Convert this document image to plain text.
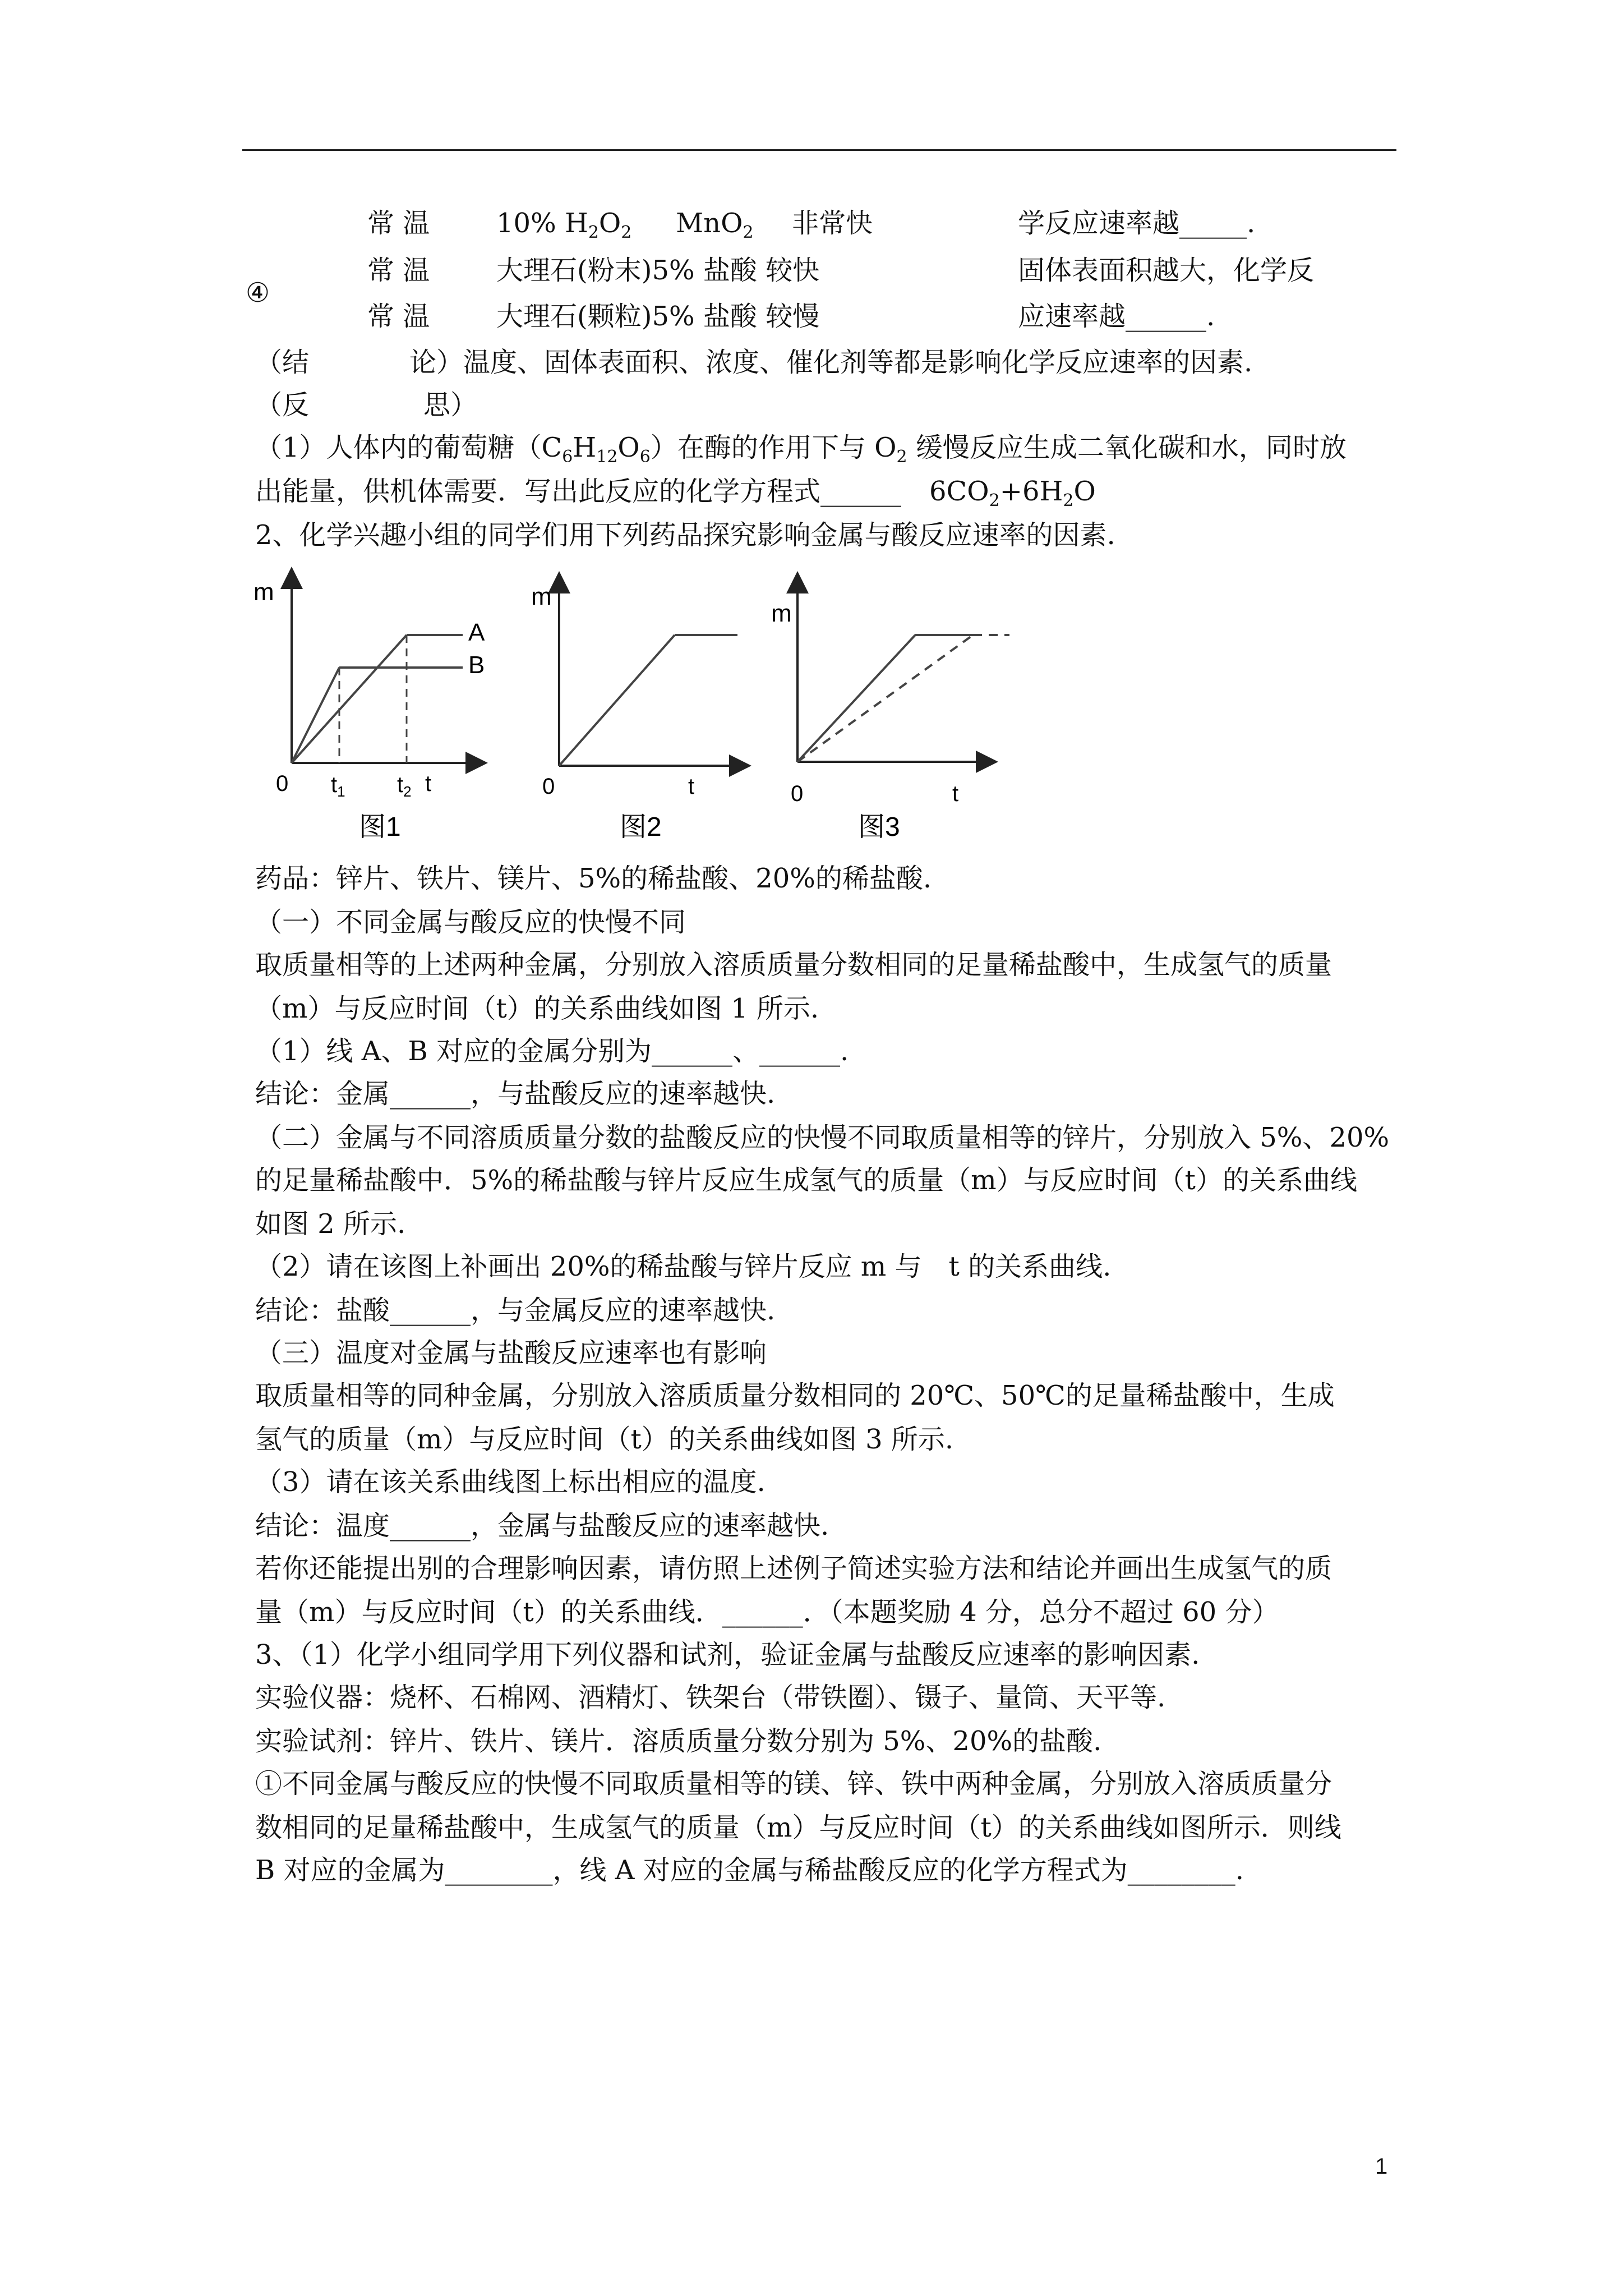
常 温 10% $H_2O_2$ MnO$_2$ 非常快	学反应速率越_____.
④
常 温 大理石(粉末)5% 盐酸 较快	固体表面积越大，化学反
常 温 大理石(颗粒)5% 盐酸 较慢	应速率越______.
（结	论）温度、固体表面积、浓度、催化剂等都是影响化学反应速率的因素.
（反	思）
（1）人体内的葡萄糖$(C_6H_{12}O_6)$在酶的作用下与 $O_2$ 缓慢反应生成二氧化碳和水，同时放
出能量，供机体需要．写出此反应的化学方程式______ $6CO_2+6H_2O$
2、化学兴趣小组的同学们用下列药品探究影响金属与酸反应速率的因素.
m
0
A
B
$t_1$ $t_2$ t
图1
m
0	t
图2
m
0	t
图3
药品：锌片、铁片、镁片、5%的稀盐酸、20%的稀盐酸.
（一）不同金属与酸反应的快慢不同
取质量相等的上述两种金属，分别放入溶质质量分数相同的足量稀盐酸中，生成氢气的质量
（m）与反应时间（t）的关系曲线如图 1 所示.
（1）线 A、B 对应的金属分别为______、______.
结论：金属______，与盐酸反应的速率越快.
（二）金属与不同溶质质量分数的盐酸反应的快慢不同取质量相等的锌片，分别放入 5%、20%
的足量稀盐酸中．5%的稀盐酸与锌片反应生成氢气的质量（m）与反应时间（t）的关系曲线
如图 2 所示.
（2）请在该图上补画出 20%的稀盐酸与锌片反应 m 与　t 的关系曲线.
结论：盐酸______，与金属反应的速率越快.
（三）温度对金属与盐酸反应速率也有影响
取质量相等的同种金属，分别放入溶质质量分数相同的 20℃、50℃的足量稀盐酸中，生成
氢气的质量（m）与反应时间（t）的关系曲线如图 3 所示.
（3）请在该关系曲线图上标出相应的温度.
结论：温度______，金属与盐酸反应的速率越快.
若你还能提出别的合理影响因素，请仿照上述例子简述实验方法和结论并画出生成氢气的质
量（m）与反应时间（t）的关系曲线．______．（本题奖励 4 分，总分不超过 60 分）
3、（1）化学小组同学用下列仪器和试剂，验证金属与盐酸反应速率的影响因素.
实验仪器：烧杯、石棉网、酒精灯、铁架台（带铁圈）、镊子、量筒、天平等.
实验试剂：锌片、铁片、镁片．溶质质量分数分别为 5%、20%的盐酸.
①不同金属与酸反应的快慢不同取质量相等的镁、锌、铁中两种金属，分别放入溶质质量分
数相同的足量稀盐酸中，生成氢气的质量（m）与反应时间（t）的关系曲线如图所示．则线
B 对应的金属为________，线 A 对应的金属与稀盐酸反应的化学方程式为________.
1
